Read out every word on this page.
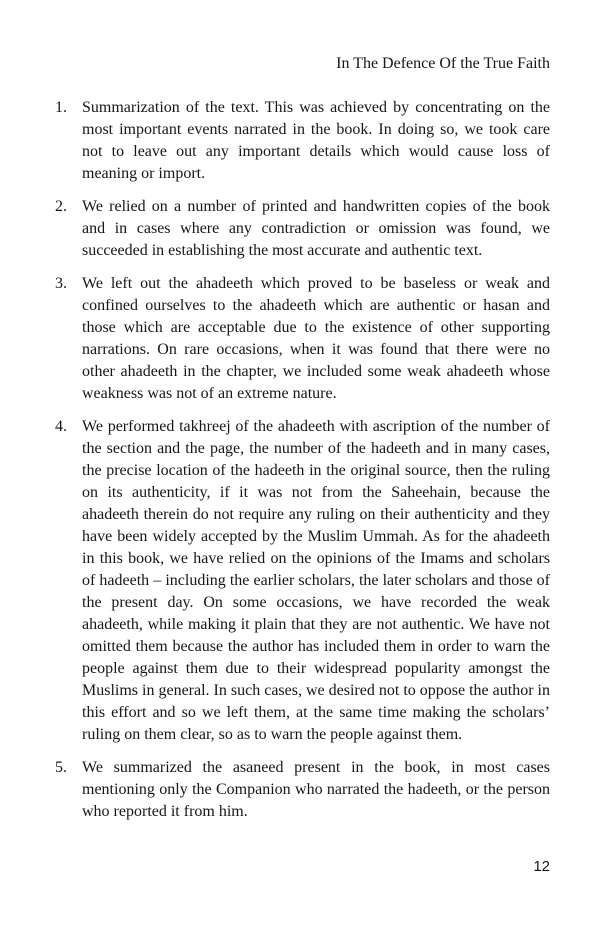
In The Defence Of the True Faith
1. Summarization of the text. This was achieved by concentrating on the most important events narrated in the book. In doing so, we took care not to leave out any important details which would cause loss of meaning or import.
2. We relied on a number of printed and handwritten copies of the book and in cases where any contradiction or omission was found, we succeeded in establishing the most accurate and authentic text.
3. We left out the ahadeeth which proved to be baseless or weak and confined ourselves to the ahadeeth which are authentic or hasan and those which are acceptable due to the existence of other supporting narrations. On rare occasions, when it was found that there were no other ahadeeth in the chapter, we included some weak ahadeeth whose weakness was not of an extreme nature.
4. We performed takhreej of the ahadeeth with ascription of the number of the section and the page, the number of the hadeeth and in many cases, the precise location of the hadeeth in the original source, then the ruling on its authenticity, if it was not from the Saheehain, because the ahadeeth therein do not require any ruling on their authenticity and they have been widely accepted by the Muslim Ummah. As for the ahadeeth in this book, we have relied on the opinions of the Imams and scholars of hadeeth – including the earlier scholars, the later scholars and those of the present day. On some occasions, we have recorded the weak ahadeeth, while making it plain that they are not authentic. We have not omitted them because the author has included them in order to warn the people against them due to their widespread popularity amongst the Muslims in general. In such cases, we desired not to oppose the author in this effort and so we left them, at the same time making the scholars’ ruling on them clear, so as to warn the people against them.
5. We summarized the asaneed present in the book, in most cases mentioning only the Companion who narrated the hadeeth, or the person who reported it from him.
12
